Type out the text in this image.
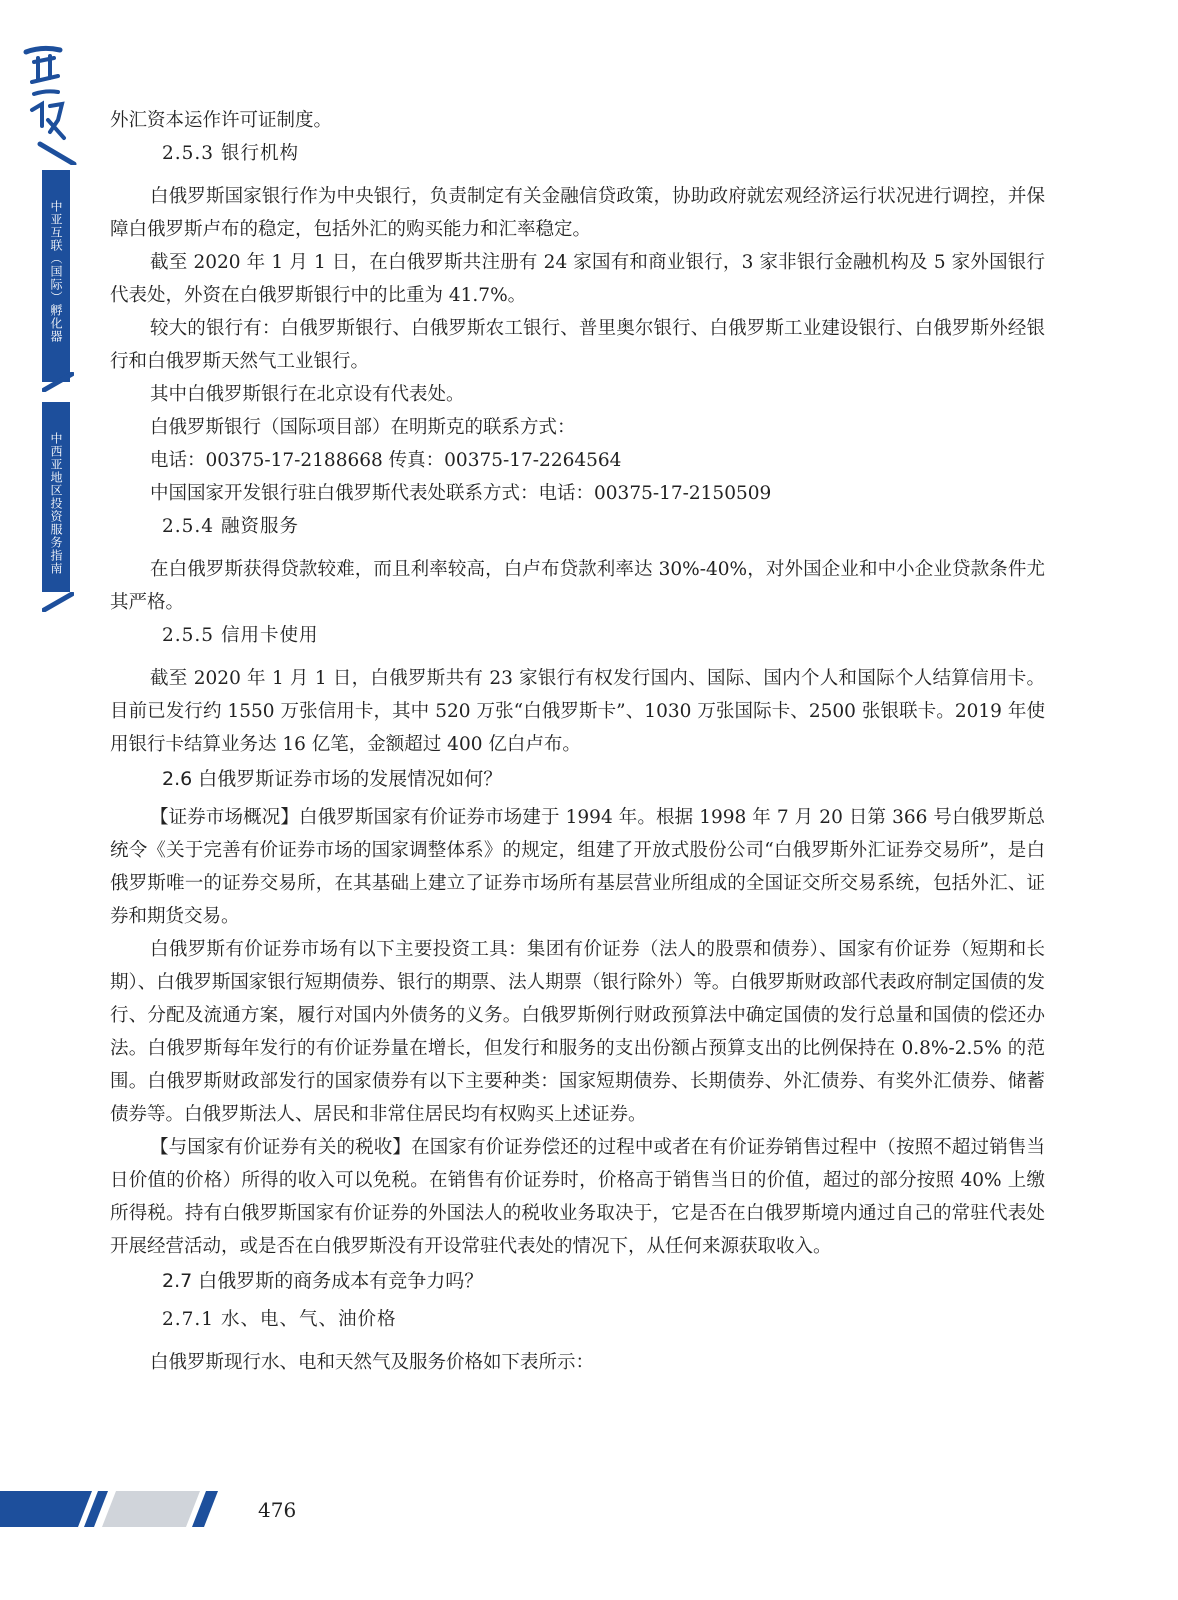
中亚互联（国际）孵化器
中西亚地区投资服务指南

外汇资本运作许可证制度。

2.5.3 银行机构

白俄罗斯国家银行作为中央银行，负责制定有关金融信贷政策，协助政府就宏观经济运行状况进行调控，并保障白俄罗斯卢布的稳定，包括外汇的购买能力和汇率稳定。

截至 2020 年 1 月 1 日，在白俄罗斯共注册有 24 家国有和商业银行，3 家非银行金融机构及 5 家外国银行代表处，外资在白俄罗斯银行中的比重为 41.7%。

较大的银行有：白俄罗斯银行、白俄罗斯农工银行、普里奥尔银行、白俄罗斯工业建设银行、白俄罗斯外经银行和白俄罗斯天然气工业银行。

其中白俄罗斯银行在北京设有代表处。

白俄罗斯银行（国际项目部）在明斯克的联系方式：

电话：00375-17-2188668 传真：00375-17-2264564

中国国家开发银行驻白俄罗斯代表处联系方式：电话：00375-17-2150509

2.5.4 融资服务

在白俄罗斯获得贷款较难，而且利率较高，白卢布贷款利率达 30%-40%，对外国企业和中小企业贷款条件尤其严格。

2.5.5 信用卡使用

截至 2020 年 1 月 1 日，白俄罗斯共有 23 家银行有权发行国内、国际、国内个人和国际个人结算信用卡。目前已发行约 1550 万张信用卡，其中 520 万张“白俄罗斯卡”、1030 万张国际卡、2500 张银联卡。2019 年使用银行卡结算业务达 16 亿笔，金额超过 400 亿白卢布。

2.6 白俄罗斯证券市场的发展情况如何？

【证券市场概况】白俄罗斯国家有价证券市场建于 1994 年。根据 1998 年 7 月 20 日第 366 号白俄罗斯总统令《关于完善有价证券市场的国家调整体系》的规定，组建了开放式股份公司“白俄罗斯外汇证券交易所”，是白俄罗斯唯一的证券交易所，在其基础上建立了证券市场所有基层营业所组成的全国证交所交易系统，包括外汇、证券和期货交易。

白俄罗斯有价证券市场有以下主要投资工具：集团有价证券（法人的股票和债券）、国家有价证券（短期和长期）、白俄罗斯国家银行短期债券、银行的期票、法人期票（银行除外）等。白俄罗斯财政部代表政府制定国债的发行、分配及流通方案，履行对国内外债务的义务。白俄罗斯例行财政预算法中确定国债的发行总量和国债的偿还办法。白俄罗斯每年发行的有价证券量在增长，但发行和服务的支出份额占预算支出的比例保持在 0.8%-2.5% 的范围。白俄罗斯财政部发行的国家债券有以下主要种类：国家短期债券、长期债券、外汇债券、有奖外汇债券、储蓄债券等。白俄罗斯法人、居民和非常住居民均有权购买上述证券。

【与国家有价证券有关的税收】在国家有价证券偿还的过程中或者在有价证券销售过程中（按照不超过销售当日价值的价格）所得的收入可以免税。在销售有价证券时，价格高于销售当日的价值，超过的部分按照 40% 上缴所得税。持有白俄罗斯国家有价证券的外国法人的税收业务取决于，它是否在白俄罗斯境内通过自己的常驻代表处开展经营活动，或是否在白俄罗斯没有开设常驻代表处的情况下，从任何来源获取收入。

2.7 白俄罗斯的商务成本有竞争力吗？

2.7.1 水、电、气、油价格

白俄罗斯现行水、电和天然气及服务价格如下表所示：

476
